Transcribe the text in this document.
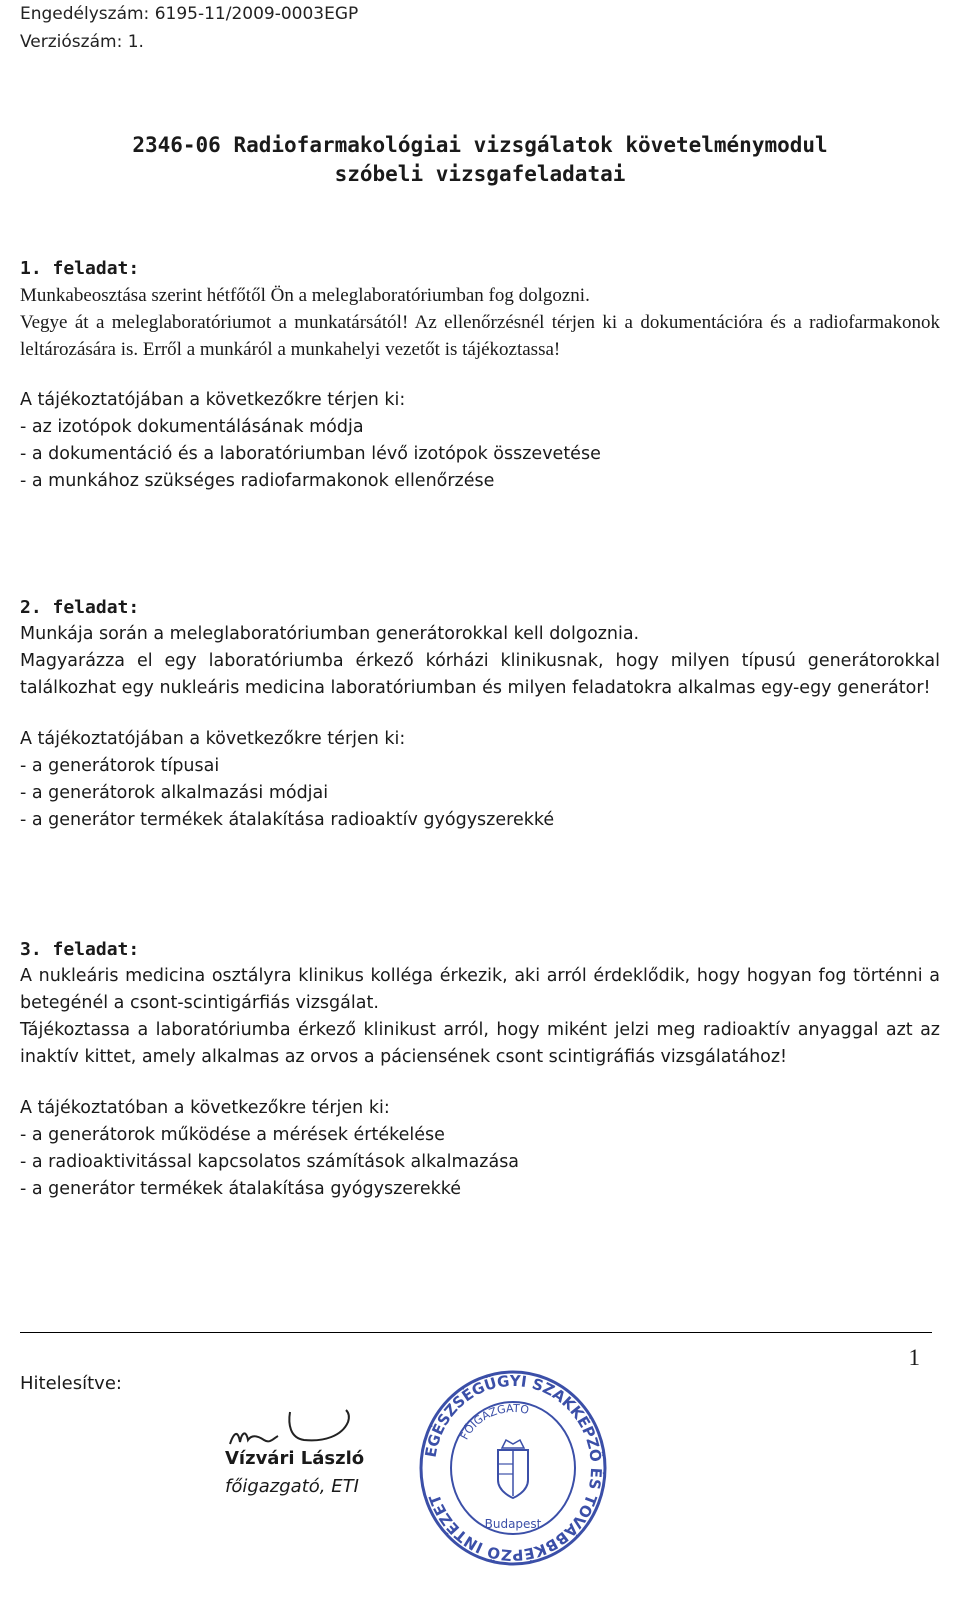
Engedélyszám: 6195-11/2009-0003EGP
Verziószám: 1.
2346-06 Radiofarmakológiai vizsgálatok követelménymodul
szóbeli vizsgafeladatai
1. feladat:

Munkabeosztása szerint hétfőtől Ön a meleglaboratóriumban fog dolgozni.

Vegye át a meleglaboratóriumot a munkatársától! Az ellenőrzésnél térjen ki a dokumentációra és a radiofarmakonok leltározására is. Erről a munkáról a munkahelyi vezetőt is tájékoztassa!

A tájékoztatójában a következőkre térjen ki:
- az izotópok dokumentálásának módja
- a dokumentáció és a laboratóriumban lévő izotópok összevetése
- a munkához szükséges radiofarmakonok ellenőrzése
2. feladat:

Munkája során a meleglaboratóriumban generátorokkal kell dolgoznia.

Magyarázza el egy laboratóriumba érkező kórházi klinikusnak, hogy milyen típusú generátorokkal találkozhat egy nukleáris medicina laboratóriumban és milyen feladatokra alkalmas egy-egy generátor!

A tájékoztatójában a következőkre térjen ki:
- a generátorok típusai
- a generátorok alkalmazási módjai
- a generátor termékek átalakítása radioaktív gyógyszerekké
3. feladat:

A nukleáris medicina osztályra klinikus kolléga érkezik, aki arról érdeklődik, hogy hogyan fog történni a betegénél a csont-scintigárfiás vizsgálat.

Tájékoztassa a laboratóriumba érkező klinikust arról, hogy miként jelzi meg radioaktív anyaggal azt az inaktív kittet, amely alkalmas az orvos a páciensének csont scintigráfiás vizsgálatához!

A tájékoztatóban a következőkre térjen ki:
- a generátorok működése a mérések értékelése
- a radioaktivitással kapcsolatos számítások alkalmazása
- a generátor termékek átalakítása gyógyszerekké
1
Hitelesítve:
Vízvári László
főigazgató, ETI
EGÉSZSÉGÜGYI SZAKKÉPZŐ ÉS TOVÁBBKÉPZŐ INTÉZET
FŐIGAZGATÓ
Budapest
